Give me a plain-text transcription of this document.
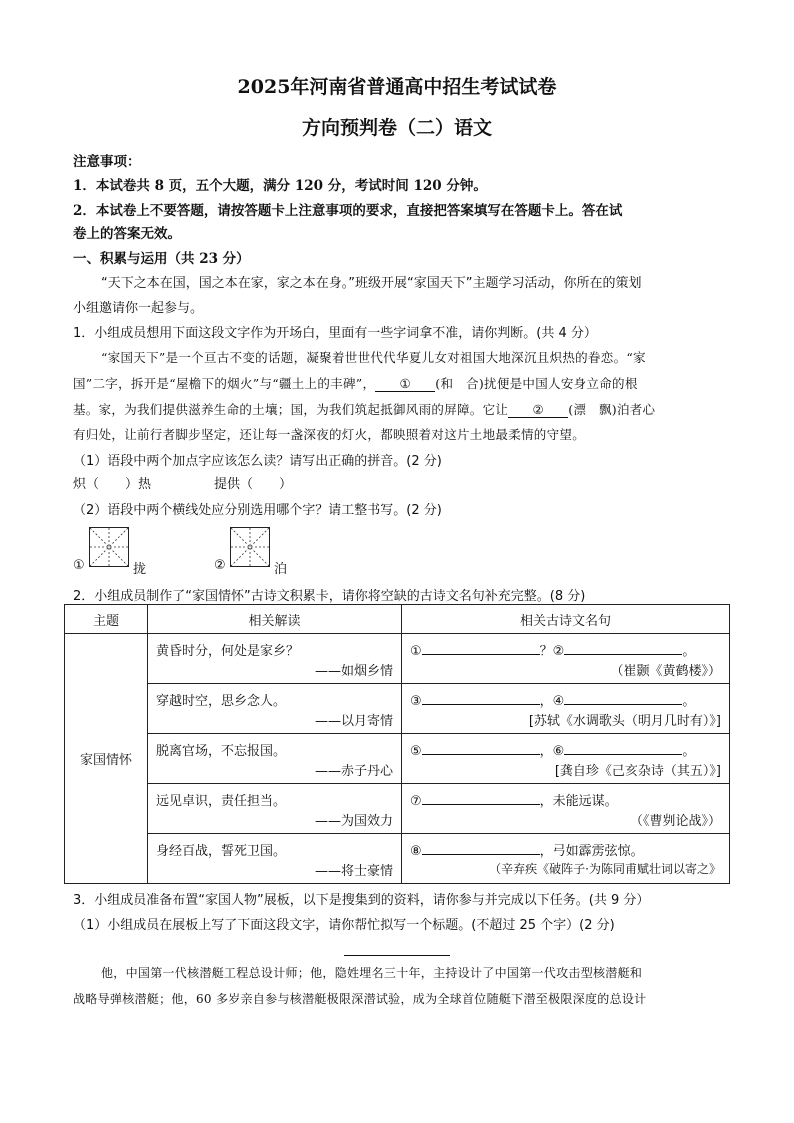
2025年河南省普通高中招生考试试卷
方向预判卷（二）语文
注意事项：
1．本试卷共 8 页，五个大题，满分 120 分，考试时间 120 分钟。
2．本试卷上不要答题，请按答题卡上注意事项的要求，直接把答案填写在答题卡上。答在试
卷上的答案无效。
一、积累与运用（共 23 分）
“天下之本在国，国之本在家，家之本在身。”班级开展“家国天下”主题学习活动，你所在的策划
小组邀请你一起参与。
1．小组成员想用下面这段文字作为开场白，里面有一些字词拿不准，请你判断。(共 4 分）
“家国天下”是一个亘古不变的话题，凝聚着世世代代华夏儿女对祖国大地深沉且炽热的眷恋。“家
国”二字，拆开是“屋檐下的烟火”与“疆土上的丰碑”， ① (和　合)扰便是中国人安身立命的根
基。家，为我们提供滋养生命的土壤；国，为我们筑起抵御风雨的屏障。它让 ② (漂　飘)泊者心
有归处，让前行者脚步坚定，还让每一盏深夜的灯火，都映照着对这片土地最柔情的守望。
（1）语段中两个加点字应该怎么读？请写出正确的拼音。(2 分)
炽（　　）热	提供（　　）
（2）语段中两个横线处应分别选用哪个字？请工整书写。(2 分)
①	拢	②	泊
2．小组成员制作了“家国情怀”古诗文积累卡，请你将空缺的古诗文名句补充完整。(8 分)
主题	相关解读	相关古诗文名句
家国情怀	黄昏时分，何处是家乡？
——如烟乡情	① ？② 。
（崔颢《黄鹤楼》）

	穿越时空，思乡念人。
——以月寄情	③ ，④ 。
[苏轼《水调歌头（明月几时有）》]

	脱离官场，不忘报国。
——赤子丹心	⑤ ，⑥ 。
[龚自珍《己亥杂诗（其五）》]

	远见卓识，责任担当。
——为国效力	⑦ ，未能远谋。
（《曹刿论战》）

	身经百战，誓死卫国。
——将士豪情	⑧ ，弓如霹雳弦惊。
（辛弃疾《破阵子·为陈同甫赋壮词以寄之》
3．小组成员准备布置“家国人物”展板，以下是搜集到的资料，请你参与并完成以下任务。(共 9 分）
（1）小组成员在展板上写了下面这段文字，请你帮忙拟写一个标题。(不超过 25 个字）(2 分)
他，中国第一代核潜艇工程总设计师；他，隐姓埋名三十年，主持设计了中国第一代攻击型核潜艇和
战略导弹核潜艇；他，60 多岁亲自参与核潜艇极限深潜试验，成为全球首位随艇下潜至极限深度的总设计
